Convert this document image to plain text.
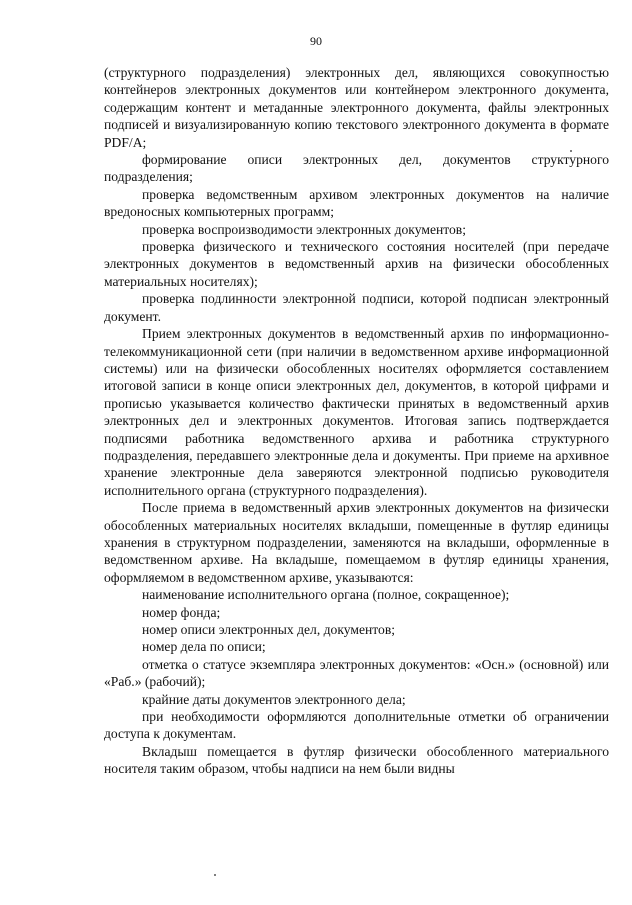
90

(структурного подразделения) электронных дел, являющихся совокупностью контейнеров электронных документов или контейнером электронного документа, содержащим контент и метаданные электронного документа, файлы электронных подписей и визуализированную копию текстового электронного документа в формате PDF/A;

формирование описи электронных дел, документов структурного подразделения;

проверка ведомственным архивом электронных документов на наличие вредоносных компьютерных программ;

проверка воспроизводимости электронных документов;

проверка физического и технического состояния носителей (при передаче электронных документов в ведомственный архив на физически обособленных материальных носителях);

проверка подлинности электронной подписи, которой подписан электронный документ.

Прием электронных документов в ведомственный архив по информационно-телекоммуникационной сети (при наличии в ведомственном архиве информационной системы) или на физически обособленных носителях оформляется составлением итоговой записи в конце описи электронных дел, документов, в которой цифрами и прописью указывается количество фактически принятых в ведомственный архив электронных дел и электронных документов. Итоговая запись подтверждается подписями работника ведомственного архива и работника структурного подразделения, передавшего электронные дела и документы. При приеме на архивное хранение электронные дела заверяются электронной подписью руководителя исполнительного органа (структурного подразделения).

После приема в ведомственный архив электронных документов на физически обособленных материальных носителях вкладыши, помещенные в футляр единицы хранения в структурном подразделении, заменяются на вкладыши, оформленные в ведомственном архиве. На вкладыше, помещаемом в футляр единицы хранения, оформляемом в ведомственном архиве, указываются:

наименование исполнительного органа (полное, сокращенное);

номер фонда;

номер описи электронных дел, документов;

номер дела по описи;

отметка о статусе экземпляра электронных документов: «Осн.» (основной) или «Раб.» (рабочий);

крайние даты документов электронного дела;

при необходимости оформляются дополнительные отметки об ограничении доступа к документам.

Вкладыш помещается в футляр физически обособленного материального носителя таким образом, чтобы надписи на нем были видны
